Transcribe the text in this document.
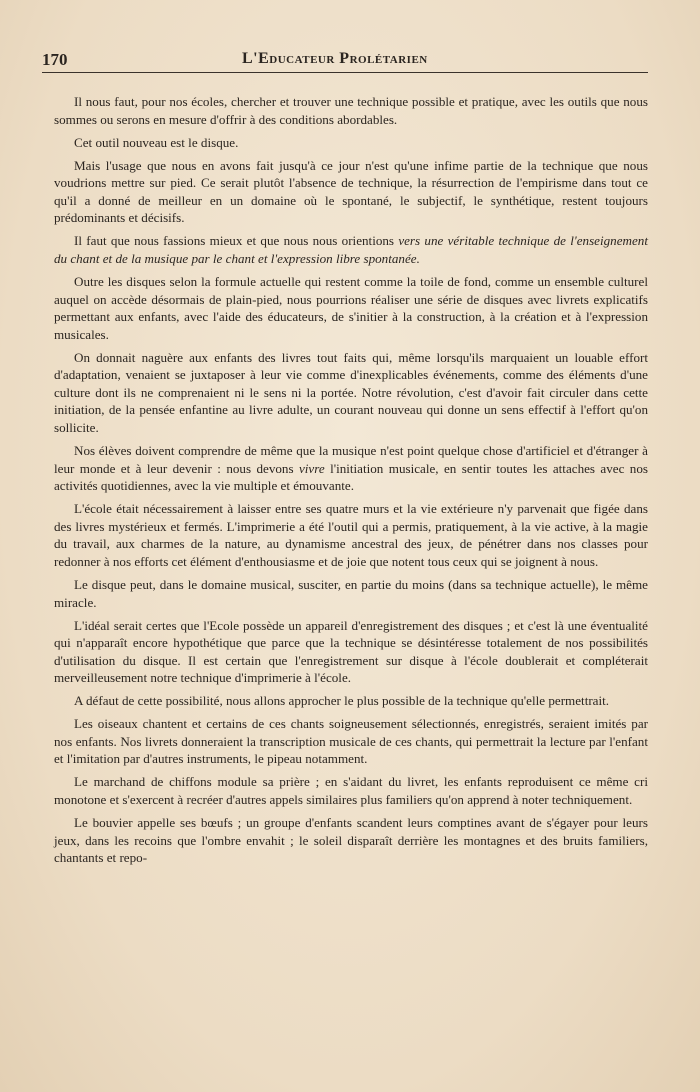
170	L'Educateur Prolétarien

Il nous faut, pour nos écoles, chercher et trouver une technique possible et pratique, avec les outils que nous sommes ou serons en mesure d'offrir à des conditions abordables.

Cet outil nouveau est le disque.

Mais l'usage que nous en avons fait jusqu'à ce jour n'est qu'une infime partie de la technique que nous voudrions mettre sur pied. Ce serait plutôt l'absence de technique, la résurrection de l'empirisme dans tout ce qu'il a donné de meilleur en un domaine où le spontané, le subjectif, le synthétique, restent toujours prédominants et décisifs.

Il faut que nous fassions mieux et que nous nous orientions vers une véritable technique de l'enseignement du chant et de la musique par le chant et l'expression libre spontanée.

Outre les disques selon la formule actuelle qui restent comme la toile de fond, comme un ensemble culturel auquel on accède désormais de plain-pied, nous pourrions réaliser une série de disques avec livrets explicatifs permettant aux enfants, avec l'aide des éducateurs, de s'initier à la construction, à la création et à l'expression musicales.

On donnait naguère aux enfants des livres tout faits qui, même lorsqu'ils marquaient un louable effort d'adaptation, venaient se juxtaposer à leur vie comme d'inexplicables événements, comme des éléments d'une culture dont ils ne comprenaient ni le sens ni la portée. Notre révolution, c'est d'avoir fait circuler dans cette initiation, de la pensée enfantine au livre adulte, un courant nouveau qui donne un sens effectif à l'effort qu'on sollicite.

Nos élèves doivent comprendre de même que la musique n'est point quelque chose d'artificiel et d'étranger à leur monde et à leur devenir : nous devons vivre l'initiation musicale, en sentir toutes les attaches avec nos activités quotidiennes, avec la vie multiple et émouvante.

L'école était nécessairement à laisser entre ses quatre murs et la vie extérieure n'y parvenait que figée dans des livres mystérieux et fermés. L'imprimerie a été l'outil qui a permis, pratiquement, à la vie active, à la magie du travail, aux charmes de la nature, au dynamisme ancestral des jeux, de pénétrer dans nos classes pour redonner à nos efforts cet élément d'enthousiasme et de joie que notent tous ceux qui se joignent à nous.

Le disque peut, dans le domaine musical, susciter, en partie du moins (dans sa technique actuelle), le même miracle.

L'idéal serait certes que l'Ecole possède un appareil d'enregistrement des disques ; et c'est là une éventualité qui n'apparaît encore hypothétique que parce que la technique se désintéresse totalement de nos possibilités d'utilisation du disque. Il est certain que l'enregistrement sur disque à l'école doublerait et compléterait merveilleusement notre technique d'imprimerie à l'école.

A défaut de cette possibilité, nous allons approcher le plus possible de la technique qu'elle permettrait.

Les oiseaux chantent et certains de ces chants soigneusement sélectionnés, enregistrés, seraient imités par nos enfants. Nos livrets donneraient la transcription musicale de ces chants, qui permettrait la lecture par l'enfant et l'imitation par d'autres instruments, le pipeau notamment.

Le marchand de chiffons module sa prière ; en s'aidant du livret, les enfants reproduisent ce même cri monotone et s'exercent à recréer d'autres appels similaires plus familiers qu'on apprend à noter techniquement.

Le bouvier appelle ses bœufs ; un groupe d'enfants scandent leurs comptines avant de s'égayer pour leurs jeux, dans les recoins que l'ombre envahit ; le soleil disparaît derrière les montagnes et des bruits familiers, chantants et repo-
